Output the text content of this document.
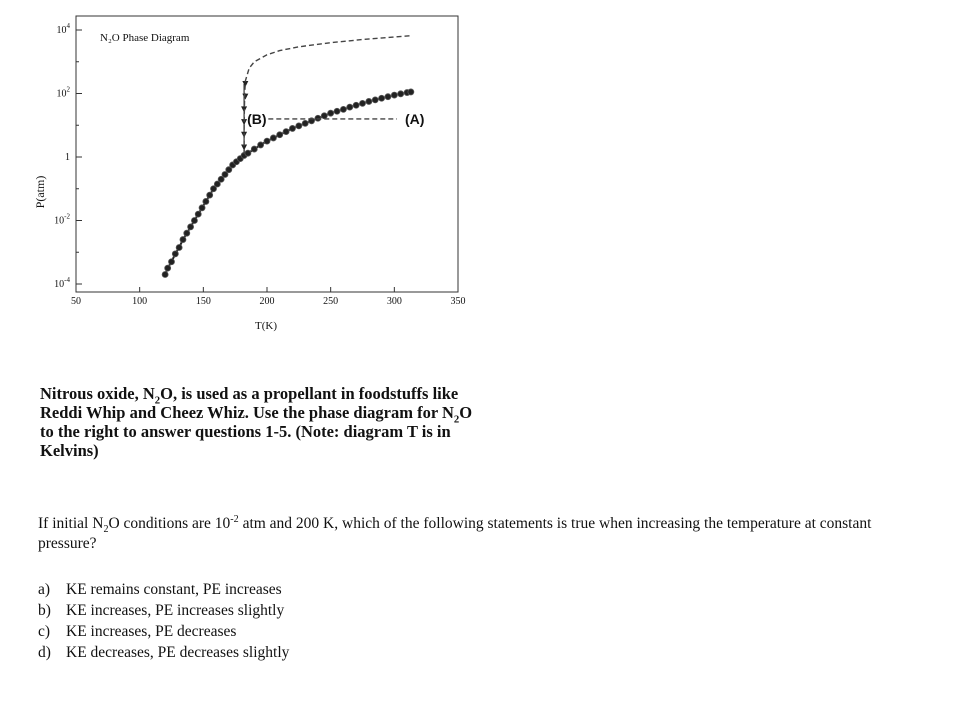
N₂O Phase Diagram
$10^4$
$10^2$
1
$10^{-2}$
$10^{-4}$
50	100	150	200	250	300	350
P(atm)
T(K)
(B)	(A)

Nitrous oxide, $N_2O$, is used as a propellant in foodstuffs like Reddi Whip and Cheez Whiz. Use the phase diagram for $N_2O$ to the right to answer questions 1-5. (Note: diagram T is in Kelvins)

If initial $N_2O$ conditions are $10^{-2}$ atm and 200 K, which of the following statements is true when increasing the temperature at constant pressure?

a) KE remains constant, PE increases
b) KE increases, PE increases slightly
c) KE increases, PE decreases
d) KE decreases, PE decreases slightly
